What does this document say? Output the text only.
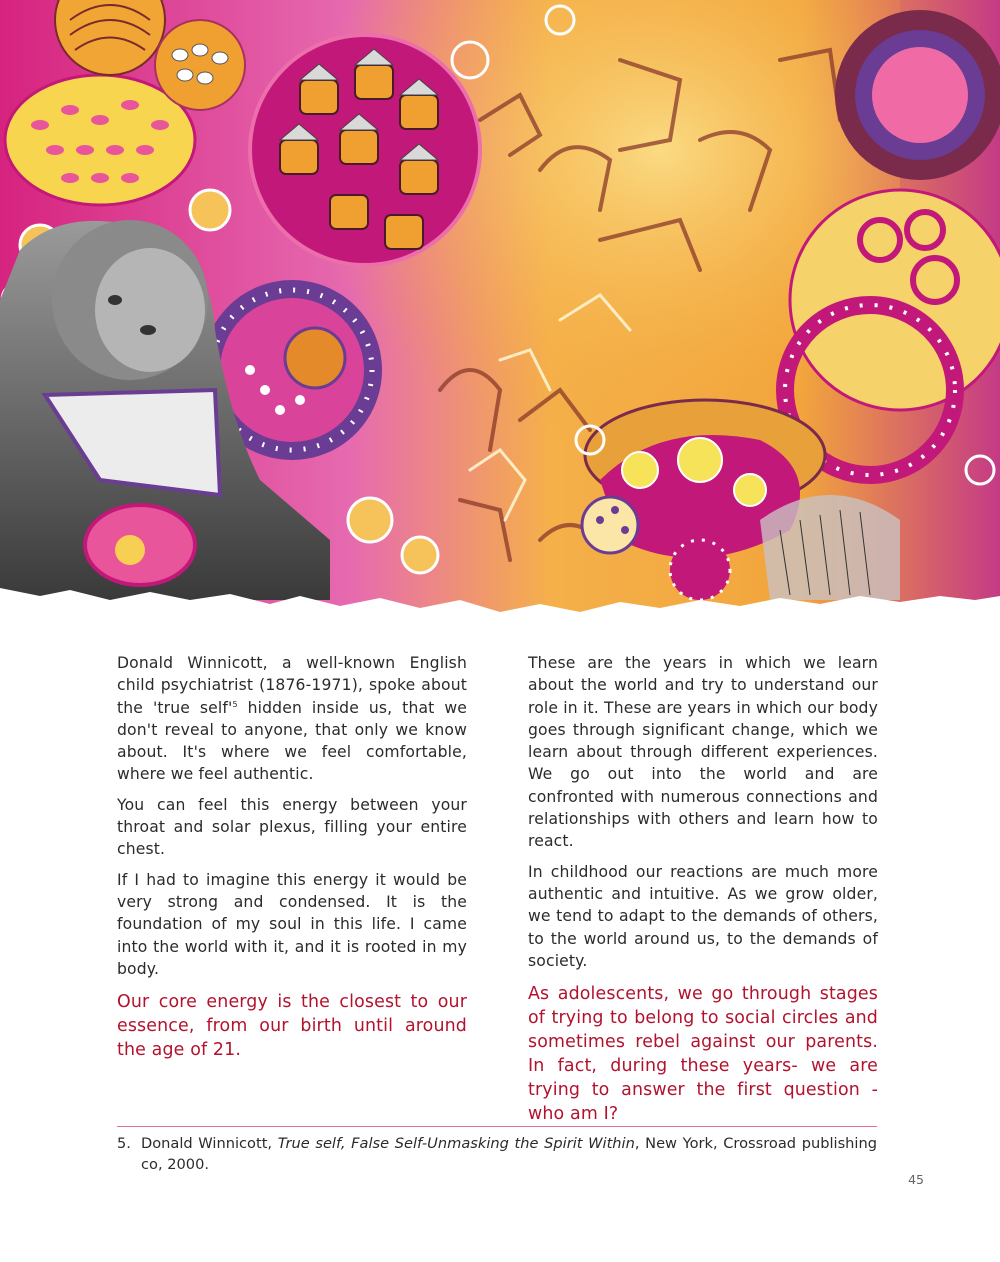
Donald Winnicott, a well-known English child psychiatrist (1876-1971), spoke about the 'true $self'^5$ hidden inside us, that we don't reveal to anyone, that only we know about. It's where we feel comfortable, where we feel authentic.

You can feel this energy between your throat and solar plexus, filling your entire chest.

If I had to imagine this energy it would be very strong and condensed. It is the foundation of my soul in this life. I came into the world with it, and it is rooted in my body.

Our core energy is the closest to our essence, from our birth until around the age of 21.

These are the years in which we learn about the world and try to understand our role in it. These are years in which our body goes through significant change, which we learn about through different experiences. We go out into the world and are confronted with numerous connections and relationships with others and learn how to react.

In childhood our reactions are much more authentic and intuitive. As we grow older, we tend to adapt to the demands of others, to the world around us, to the demands of society.

As adolescents, we go through stages of trying to belong to social circles and sometimes rebel against our parents. In fact, during these years- we are trying to answer the first question - who am I?

5. Donald Winnicott, True self, False Self-Unmasking the Spirit Within, New York, Crossroad publishing co, 2000.
45
